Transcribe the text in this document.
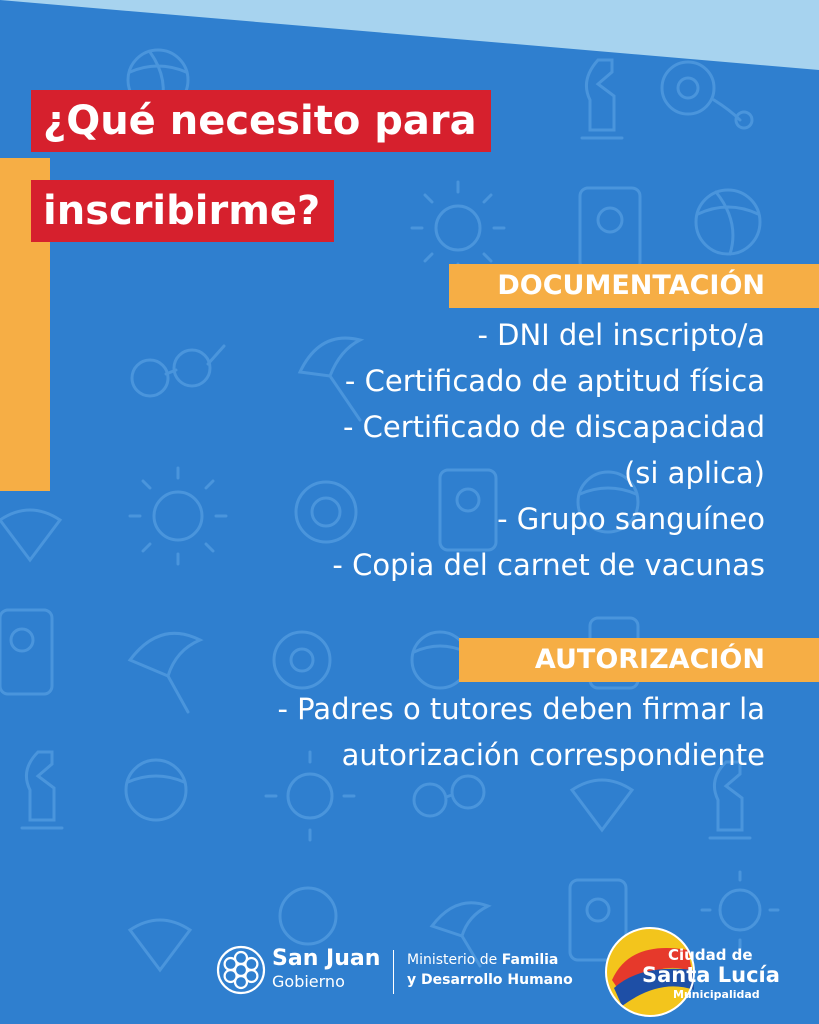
¿Qué necesito para
inscribirme?
DOCUMENTACIÓN
- DNI del inscripto/a
- Certificado de aptitud física
- Certificado de discapacidad
(si aplica)
- Grupo sanguíneo
- Copia del carnet de vacunas
AUTORIZACIÓN
- Padres o tutores deben firmar la
autorización correspondiente
San Juan
Gobierno
Ministerio de Familia
y Desarrollo Humano
Ciudad de
Santa Lucía
Municipalidad
